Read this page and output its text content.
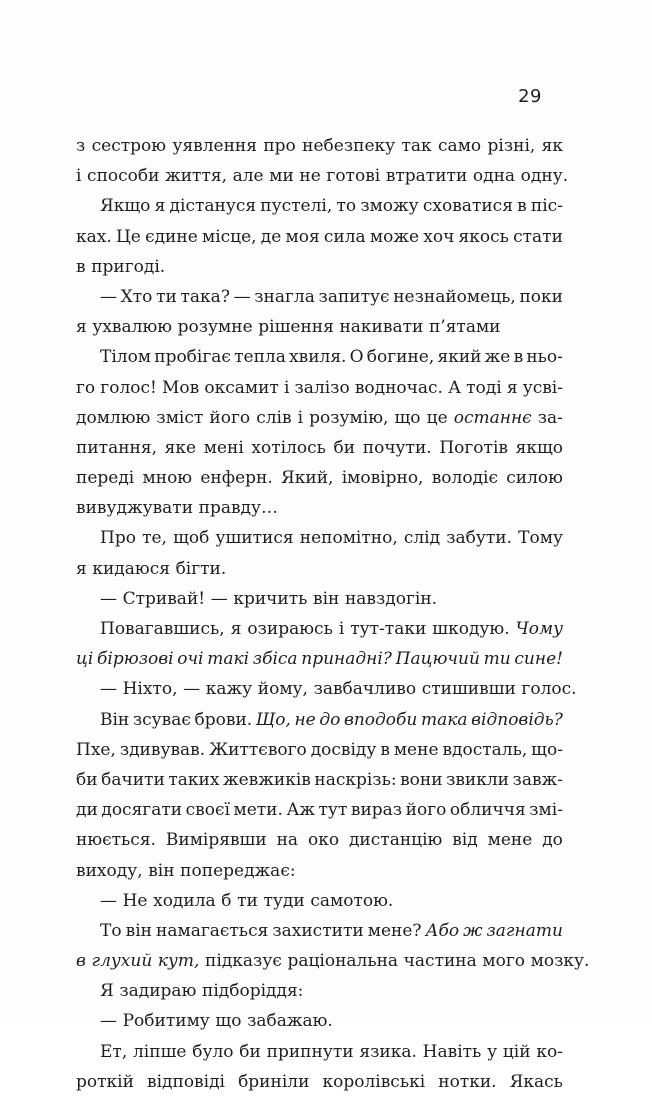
29
з сестрою уявлення про небезпеку так само різні, як
і способи життя, але ми не готові втратити одна одну.
Якщо я дістануся пустелі, то зможу сховатися в піс-
ках. Це єдине місце, де моя сила може хоч якось стати
в пригоді.
— Хто ти така? — знагла запитує незнайомець, поки
я ухвалюю розумне рішення накивати п’ятами
Тілом пробігає тепла хвиля. О богине, який же в ньо-
го голос! Мов оксамит і залізо водночас. А тоді я усві-
домлюю зміст його слів і розумію, що це останнє за-
питання, яке мені хотілось би почути. Поготів якщо
переді мною енферн. Який, імовірно, володіє силою
вивуджувати правду…
Про те, щоб ушитися непомітно, слід забути. Тому
я кидаюся бігти.
— Стривай! — кричить він навздогін.
Повагавшись, я озираюсь і тут-таки шкодую. Чому
ці бірюзові очі такі збіса принадні? Пацючий ти сине!
— Ніхто, — кажу йому, завбачливо стишивши голос.
Він зсуває брови. Що, не до вподоби така відповідь?
Пхе, здивував. Життєвого досвіду в мене вдосталь, що-
би бачити таких жевжиків наскрізь: вони звикли завж-
ди досягати своєї мети. Аж тут вираз його обличчя змі-
нюється. Вимірявши на око дистанцію від мене до
виходу, він попереджає:
— Не ходила б ти туди самотою.
То він намагається захистити мене? Або ж загнати
в глухий кут, підказує раціональна частина мого мозку.
Я задираю підборіддя:
— Робитиму що забажаю.
Ет, ліпше було би припнути язика. Навіть у цій ко-
роткій відповіді бриніли королівські нотки. Якась
